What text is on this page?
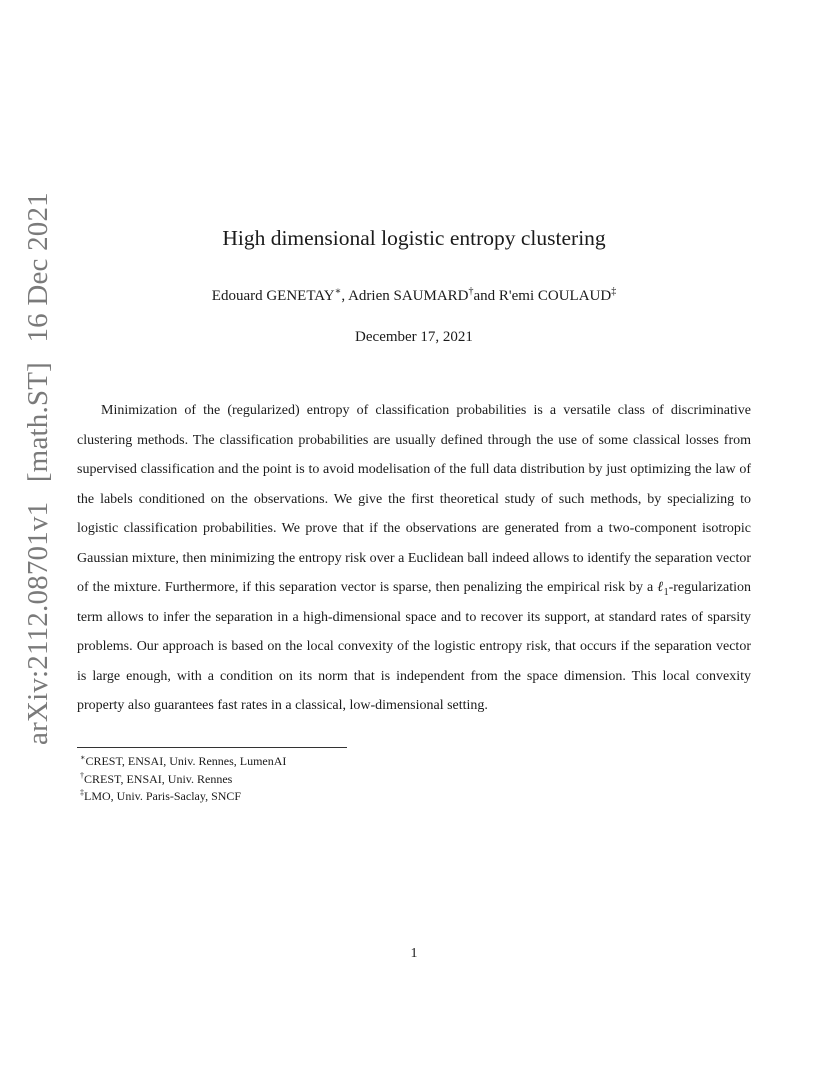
arXiv:2112.08701v1 [math.ST] 16 Dec 2021	High dimensional logistic entropy clustering
Edouard GENETAY∗, Adrien SAUMARD†and R'emi COULAUD‡
December 17, 2021

Minimization of the (regularized) entropy of classification probabilities is a versatile class of discriminative clustering methods. The classification probabilities are usually defined through the use of some classical losses from supervised classification and the point is to avoid modelisation of the full data distribution by just optimizing the law of the labels conditioned on the observations. We give the first theoretical study of such methods, by specializing to logistic classification probabilities. We prove that if the observations are generated from a two-component isotropic Gaussian mixture, then minimizing the entropy risk over a Euclidean ball indeed allows to identify the separation vector of the mixture. Furthermore, if this separation vector is sparse, then penalizing the empirical risk by a ℓ$_1$-regularization term allows to infer the separation in a high-dimensional space and to recover its support, at standard rates of sparsity problems. Our approach is based on the local convexity of the logistic entropy risk, that occurs if the separation vector is large enough, with a condition on its norm that is independent from the space dimension. This local convexity property also guarantees fast rates in a classical, low-dimensional setting.

∗CREST, ENSAI, Univ. Rennes, LumenAI
†CREST, ENSAI, Univ. Rennes
‡LMO, Univ. Paris-Saclay, SNCF
1
